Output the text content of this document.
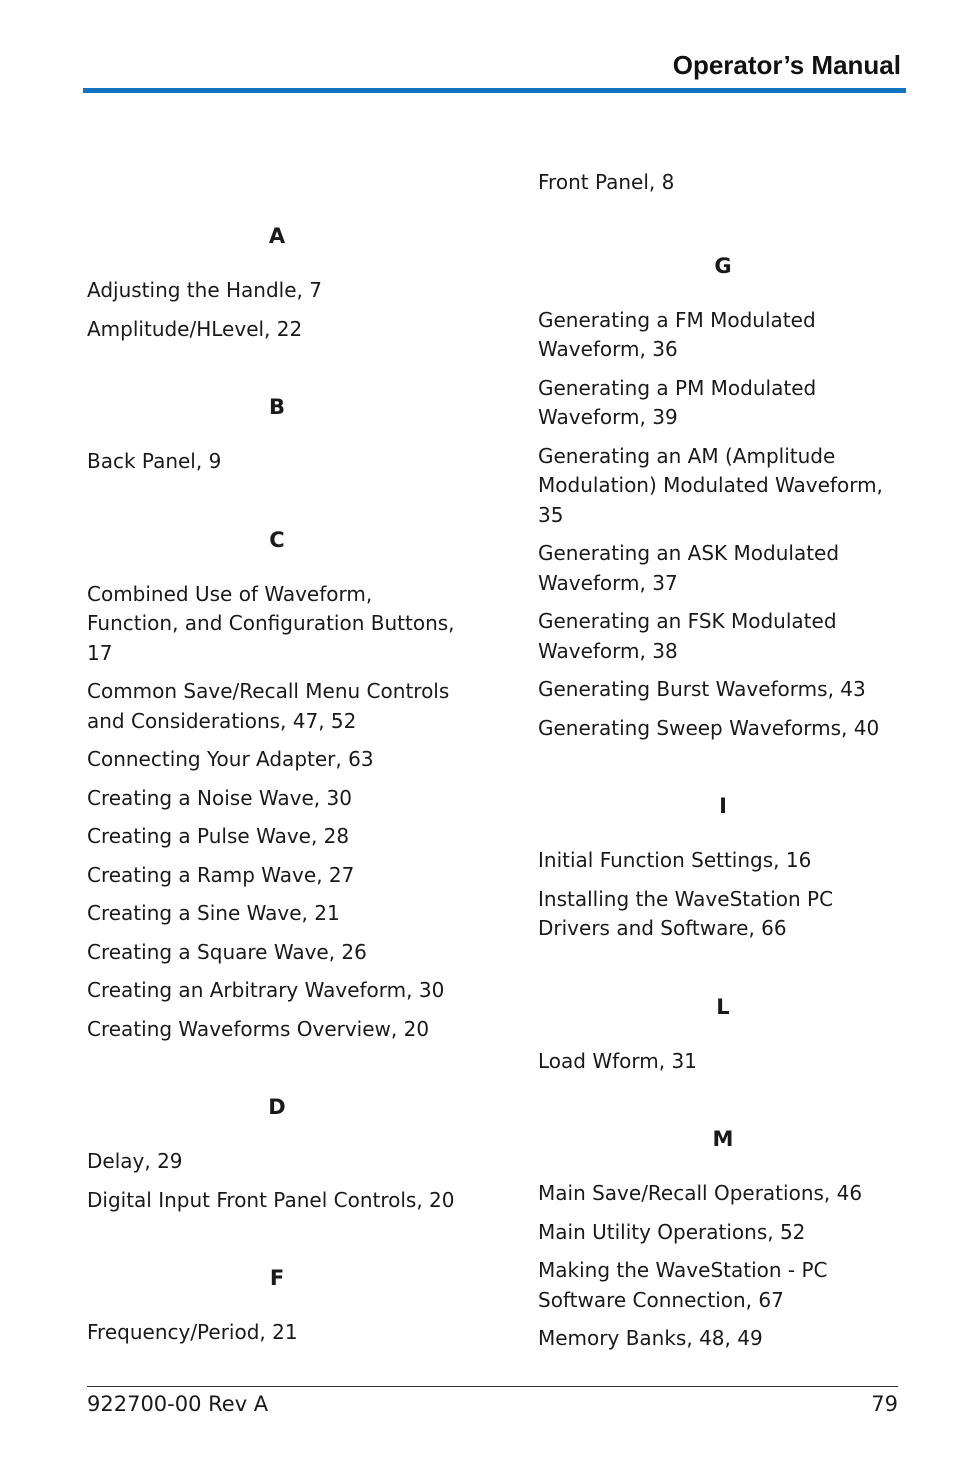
Operator’s Manual

A

Adjusting the Handle, 7

Amplitude/HLevel, 22

B

Back Panel, 9

C

Combined Use of Waveform, Function, and Configuration Buttons, 17

Common Save/Recall Menu Controls and Considerations, 47, 52

Connecting Your Adapter, 63

Creating a Noise Wave, 30

Creating a Pulse Wave, 28

Creating a Ramp Wave, 27

Creating a Sine Wave, 21

Creating a Square Wave, 26

Creating an Arbitrary Waveform, 30

Creating Waveforms Overview, 20

D

Delay, 29

Digital Input Front Panel Controls, 20

F

Frequency/Period, 21

Front Panel, 8

G

Generating a FM Modulated Waveform, 36

Generating a PM Modulated Waveform, 39

Generating an AM (Amplitude Modulation) Modulated Waveform, 35

Generating an ASK Modulated Waveform, 37

Generating an FSK Modulated Waveform, 38

Generating Burst Waveforms, 43

Generating Sweep Waveforms, 40

I

Initial Function Settings, 16

Installing the WaveStation PC Drivers and Software, 66

L

Load Wform, 31

M

Main Save/Recall Operations, 46

Main Utility Operations, 52

Making the WaveStation - PC Software Connection, 67

Memory Banks, 48, 49

922700-00 Rev A	79
